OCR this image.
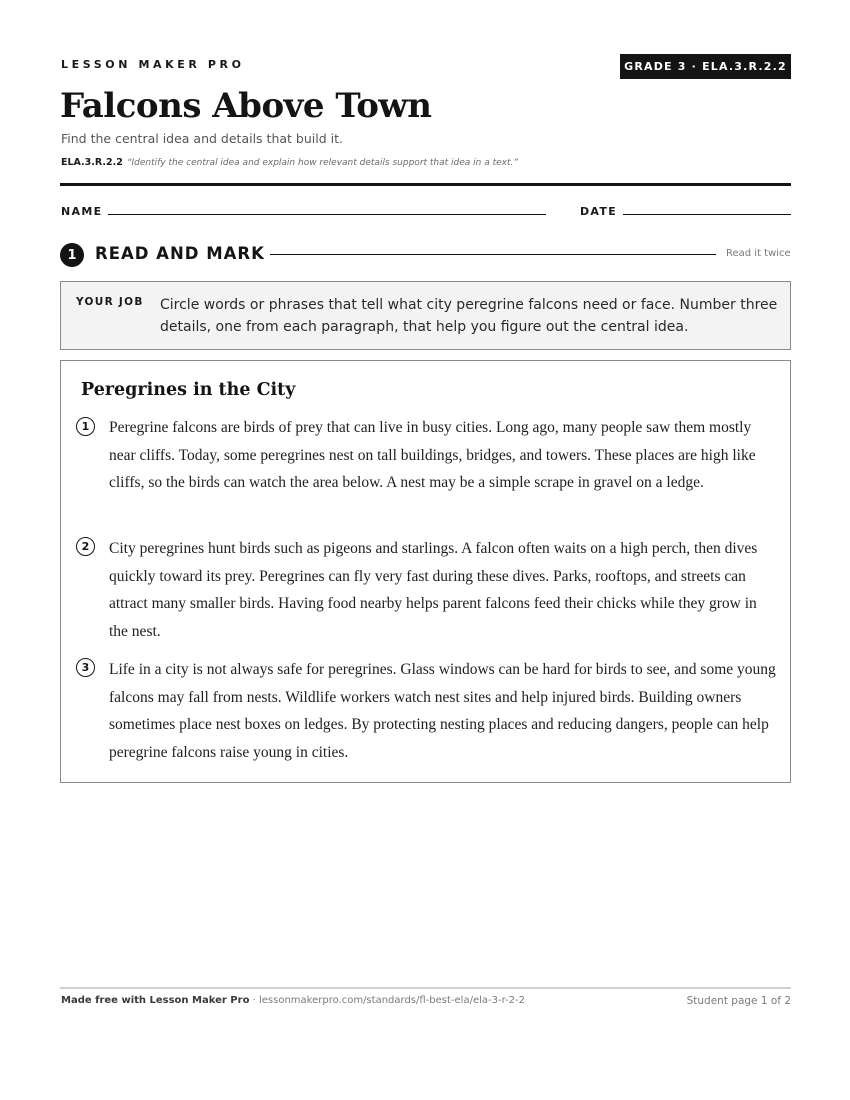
LESSON MAKER PRO	GRADE 3 · ELA.3.R.2.2
Falcons Above Town
Find the central idea and details that build it.
ELA.3.R.2.2 “Identify the central idea and explain how relevant details support that idea in a text.”
NAME	DATE
1	READ AND MARK	Read it twice
YOUR JOB Circle words or phrases that tell what city peregrine falcons need or face. Number three details, one from each paragraph, that help you figure out the central idea.
Peregrines in the City
1	Peregrine falcons are birds of prey that can live in busy cities. Long ago, many people saw them mostly near cliffs. Today, some peregrines nest on tall buildings, bridges, and towers. These places are high like cliffs, so the birds can watch the area below. A nest may be a simple scrape in gravel on a ledge.
2	City peregrines hunt birds such as pigeons and starlings. A falcon often waits on a high perch, then dives quickly toward its prey. Peregrines can fly very fast during these dives. Parks, rooftops, and streets can attract many smaller birds. Having food nearby helps parent falcons feed their chicks while they grow in the nest.
3	Life in a city is not always safe for peregrines. Glass windows can be hard for birds to see, and some young falcons may fall from nests. Wildlife workers watch nest sites and help injured birds. Building owners sometimes place nest boxes on ledges. By protecting nesting places and reducing dangers, people can help peregrine falcons raise young in cities.
Made free with Lesson Maker Pro · lessonmakerpro.com/standards/fl-best-ela/ela-3-r-2-2	Student page 1 of 2
